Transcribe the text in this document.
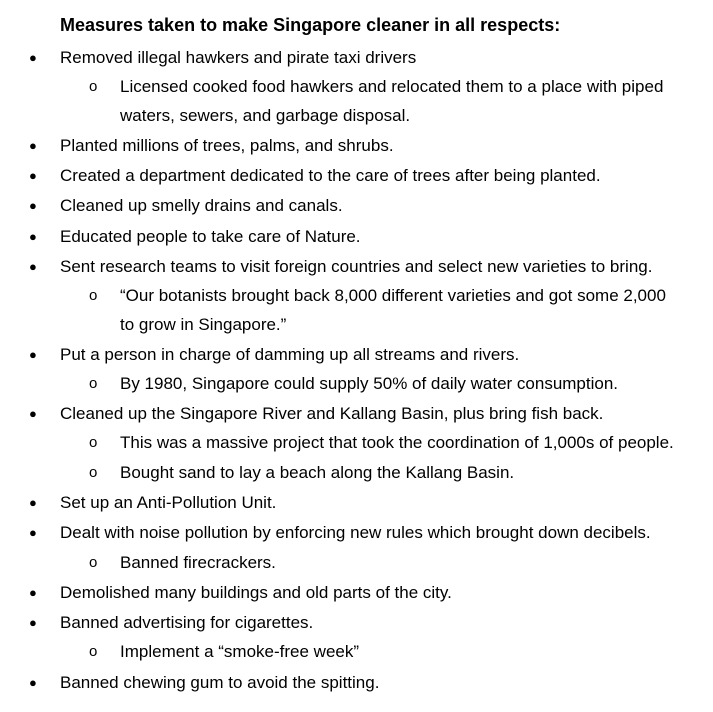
Measures taken to make Singapore cleaner in all respects:
● Removed illegal hawkers and pirate taxi drivers
o Licensed cooked food hawkers and relocated them to a place with piped
waters, sewers, and garbage disposal.
● Planted millions of trees, palms, and shrubs.
● Created a department dedicated to the care of trees after being planted.
● Cleaned up smelly drains and canals.
● Educated people to take care of Nature.
● Sent research teams to visit foreign countries and select new varieties to bring.
o “Our botanists brought back 8,000 different varieties and got some 2,000
to grow in Singapore.”
● Put a person in charge of damming up all streams and rivers.
o By 1980, Singapore could supply 50% of daily water consumption.
● Cleaned up the Singapore River and Kallang Basin, plus bring fish back.
o This was a massive project that took the coordination of 1,000s of people.
o Bought sand to lay a beach along the Kallang Basin.
● Set up an Anti-Pollution Unit.
● Dealt with noise pollution by enforcing new rules which brought down decibels.
o Banned firecrackers.
● Demolished many buildings and old parts of the city.
● Banned advertising for cigarettes.
o Implement a “smoke-free week”
● Banned chewing gum to avoid the spitting.
